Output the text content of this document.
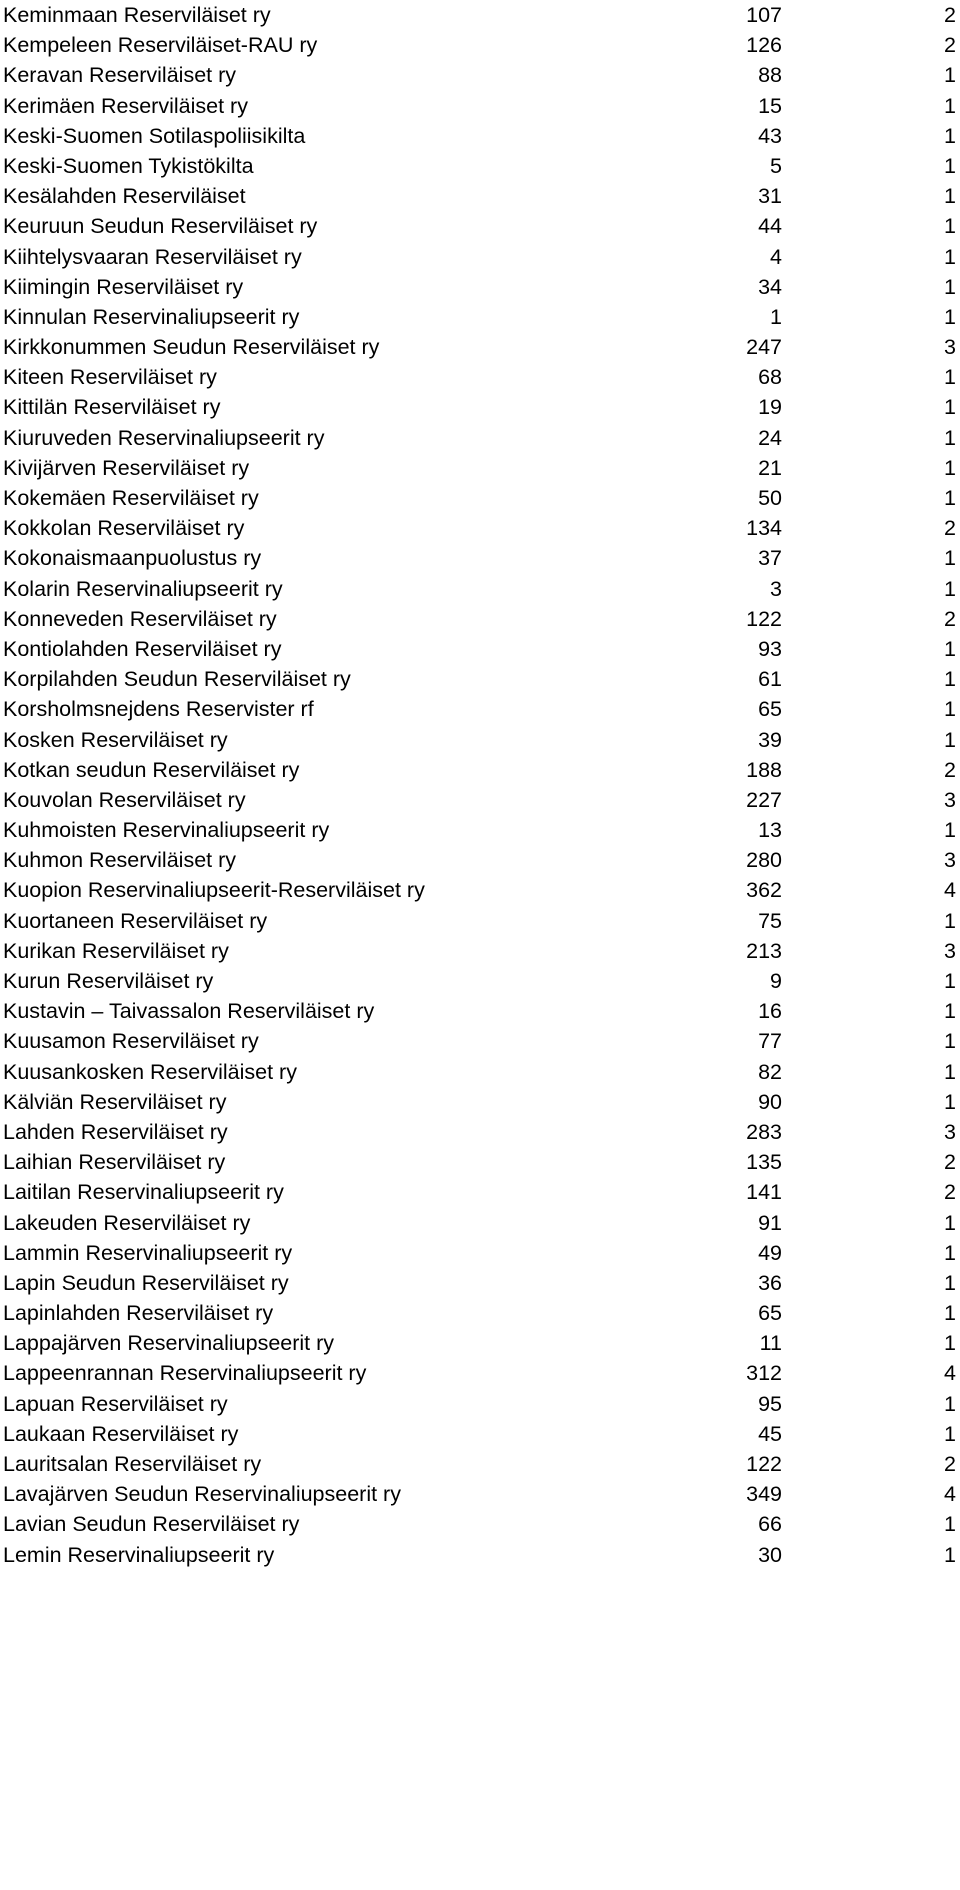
Keminmaan Reserviläiset ry	107	2
Kempeleen Reserviläiset-RAU ry	126	2
Keravan Reserviläiset ry	88	1
Kerimäen Reserviläiset ry	15	1
Keski-Suomen Sotilaspoliisikilta	43	1
Keski-Suomen Tykistökilta	5	1
Kesälahden Reserviläiset	31	1
Keuruun Seudun Reserviläiset ry	44	1
Kiihtelysvaaran Reserviläiset ry	4	1
Kiimingin Reserviläiset ry	34	1
Kinnulan Reservinaliupseerit ry	1	1
Kirkkonummen Seudun Reserviläiset ry	247	3
Kiteen Reserviläiset ry	68	1
Kittilän Reserviläiset ry	19	1
Kiuruveden Reservinaliupseerit ry	24	1
Kivijärven Reserviläiset ry	21	1
Kokemäen Reserviläiset ry	50	1
Kokkolan Reserviläiset ry	134	2
Kokonaismaanpuolustus ry	37	1
Kolarin Reservinaliupseerit ry	3	1
Konneveden Reserviläiset ry	122	2
Kontiolahden Reserviläiset ry	93	1
Korpilahden Seudun Reserviläiset ry	61	1
Korsholmsnejdens Reservister rf	65	1
Kosken Reserviläiset ry	39	1
Kotkan seudun Reserviläiset ry	188	2
Kouvolan Reserviläiset ry	227	3
Kuhmoisten Reservinaliupseerit ry	13	1
Kuhmon Reserviläiset ry	280	3
Kuopion Reservinaliupseerit-Reserviläiset ry	362	4
Kuortaneen Reserviläiset ry	75	1
Kurikan Reserviläiset ry	213	3
Kurun Reserviläiset ry	9	1
Kustavin – Taivassalon Reserviläiset ry	16	1
Kuusamon Reserviläiset ry	77	1
Kuusankosken Reserviläiset ry	82	1
Kälviän Reserviläiset ry	90	1
Lahden Reserviläiset ry	283	3
Laihian Reserviläiset ry	135	2
Laitilan Reservinaliupseerit ry	141	2
Lakeuden Reserviläiset ry	91	1
Lammin Reservinaliupseerit ry	49	1
Lapin Seudun Reserviläiset ry	36	1
Lapinlahden Reserviläiset ry	65	1
Lappajärven Reservinaliupseerit ry	11	1
Lappeenrannan Reservinaliupseerit ry	312	4
Lapuan Reserviläiset ry	95	1
Laukaan Reserviläiset ry	45	1
Lauritsalan Reserviläiset ry	122	2
Lavajärven Seudun Reservinaliupseerit ry	349	4
Lavian Seudun Reserviläiset ry	66	1
Lemin Reservinaliupseerit ry	30	1
